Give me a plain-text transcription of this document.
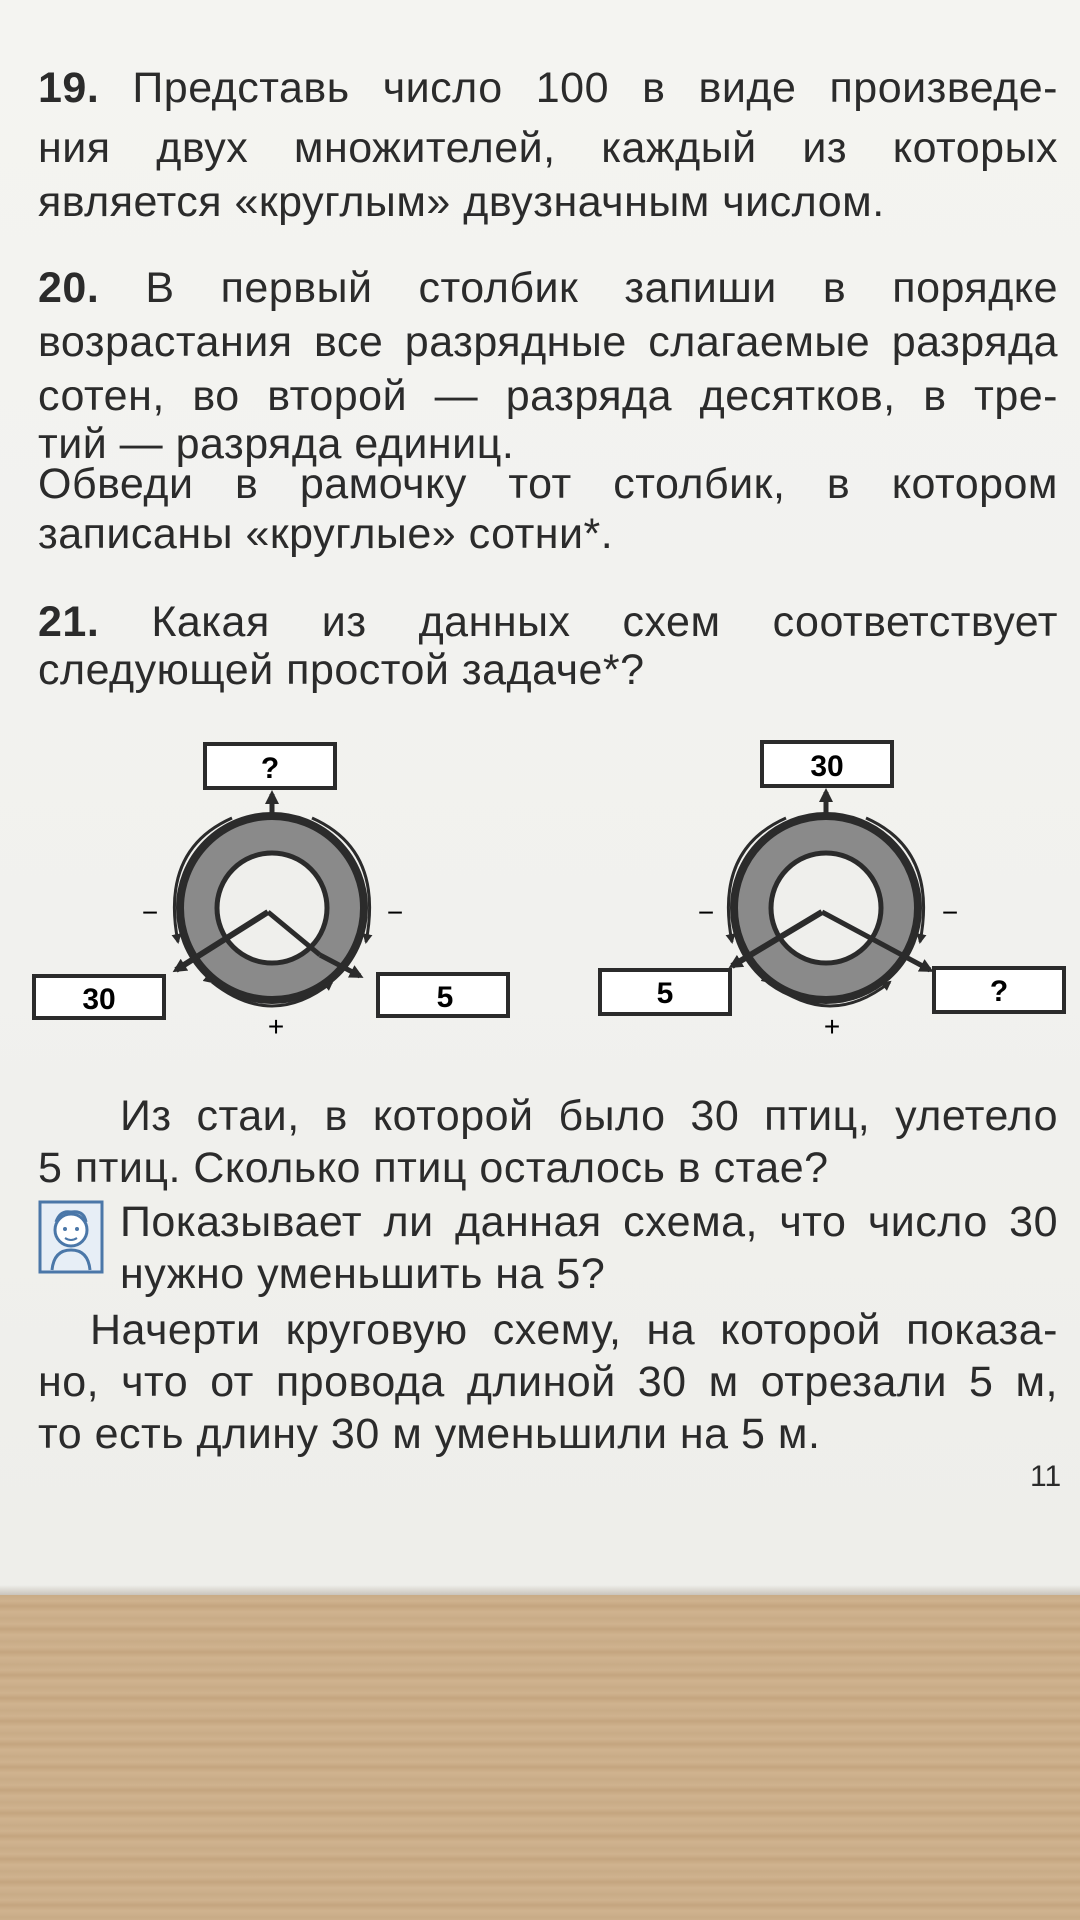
19. Представь число 100 в виде произведе-
ния двух множителей, каждый из которых
является «круглым» двузначным числом.
20. В первый столбик запиши в порядке
возрастания все разрядные слагаемые разряда
сотен, во второй — разряда десятков, в тре-
тий — разряда единиц.
Обведи в рамочку тот столбик, в котором
записаны «круглые» сотни*.
21. Какая из данных схем соответствует
следующей простой задаче*?
?
−	−
+
30	5
30
−	−
+
5	?
Из стаи, в которой было 30 птиц, улетело
5 птиц. Сколько птиц осталось в стае?
Показывает ли данная схема, что число 30
нужно уменьшить на 5?
Начерти круговую схему, на которой показа-
но, что от провода длиной 30 м отрезали 5 м,
то есть длину 30 м уменьшили на 5 м.
11
